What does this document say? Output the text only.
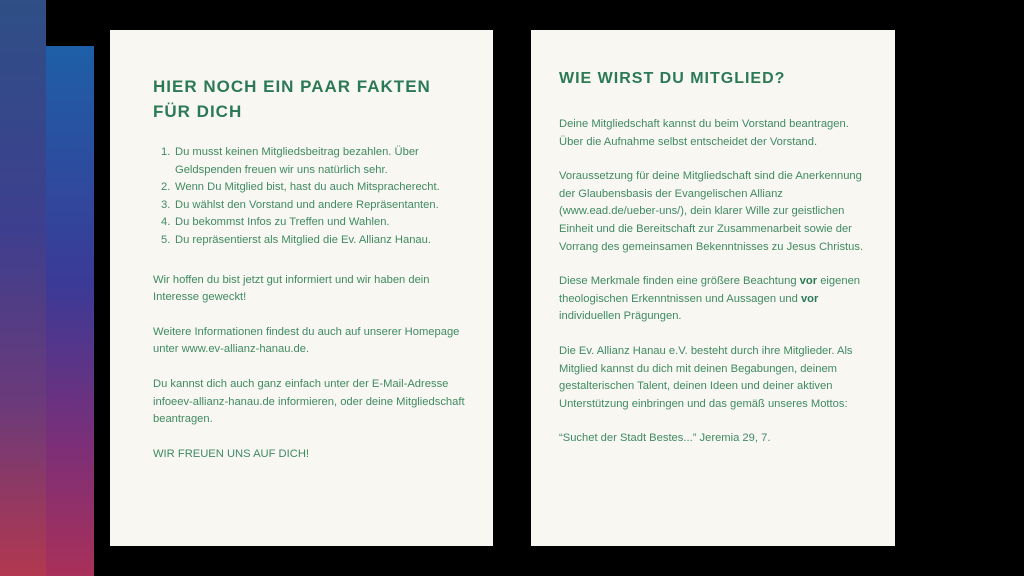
HIER NOCH EIN PAAR FAKTEN
FÜR DICH
1. Du musst keinen Mitgliedsbeitrag bezahlen. Über Geldspenden freuen wir uns natürlich sehr.
2. Wenn Du Mitglied bist, hast du auch Mitspracherecht.
3. Du wählst den Vorstand und andere Repräsentanten.
4. Du bekommst Infos zu Treffen und Wahlen.
5. Du repräsentierst als Mitglied die Ev. Allianz Hanau.

Wir hoffen du bist jetzt gut informiert und wir haben dein Interesse geweckt!

Weitere Informationen findest du auch auf unserer Homepage unter www.ev-allianz-hanau.de.

Du kannst dich auch ganz einfach unter der E-Mail-Adresse infoeev-allianz-hanau.de informieren, oder deine Mitgliedschaft beantragen.

WIR FREUEN UNS AUF DICH!

WIE WIRST DU MITGLIED?

Deine Mitgliedschaft kannst du beim Vorstand beantragen. Über die Aufnahme selbst entscheidet der Vorstand.

Voraussetzung für deine Mitgliedschaft sind die Anerkennung der Glaubensbasis der Evangelischen Allianz (www.ead.de/ueber-uns/), dein klarer Wille zur geistlichen Einheit und die Bereitschaft zur Zusammenarbeit sowie der Vorrang des gemeinsamen Bekenntnisses zu Jesus Christus.

Diese Merkmale finden eine größere Beachtung vor eigenen theologischen Erkenntnissen und Aussagen und vor individuellen Prägungen.

Die Ev. Allianz Hanau e.V. besteht durch ihre Mitglieder. Als Mitglied kannst du dich mit deinen Begabungen, deinem gestalterischen Talent, deinen Ideen und deiner aktiven Unterstützung einbringen und das gemäß unseres Mottos:

“Suchet der Stadt Bestes...” Jeremia 29, 7.
